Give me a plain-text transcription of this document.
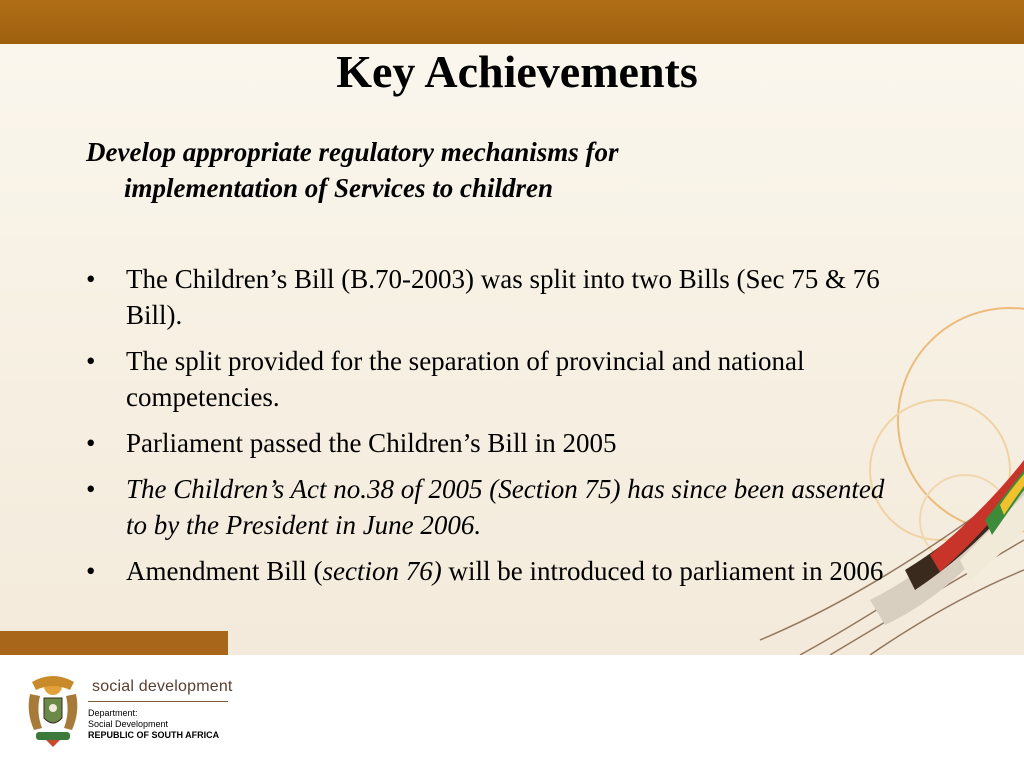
Key Achievements
Develop appropriate regulatory mechanisms for
implementation of Services to children
•	The Children’s Bill (B.70-2003) was split into two Bills (Sec 75 & 76 Bill).
•	The split provided for the separation of provincial and national competencies.
•	Parliament passed the Children’s Bill in 2005
•	The Children’s Act no.38 of 2005 (Section 75) has since been assented to by the President in June 2006.
•	Amendment Bill (section 76) will be introduced to parliament in 2006
social development
Department:
Social Development
REPUBLIC OF SOUTH AFRICA
